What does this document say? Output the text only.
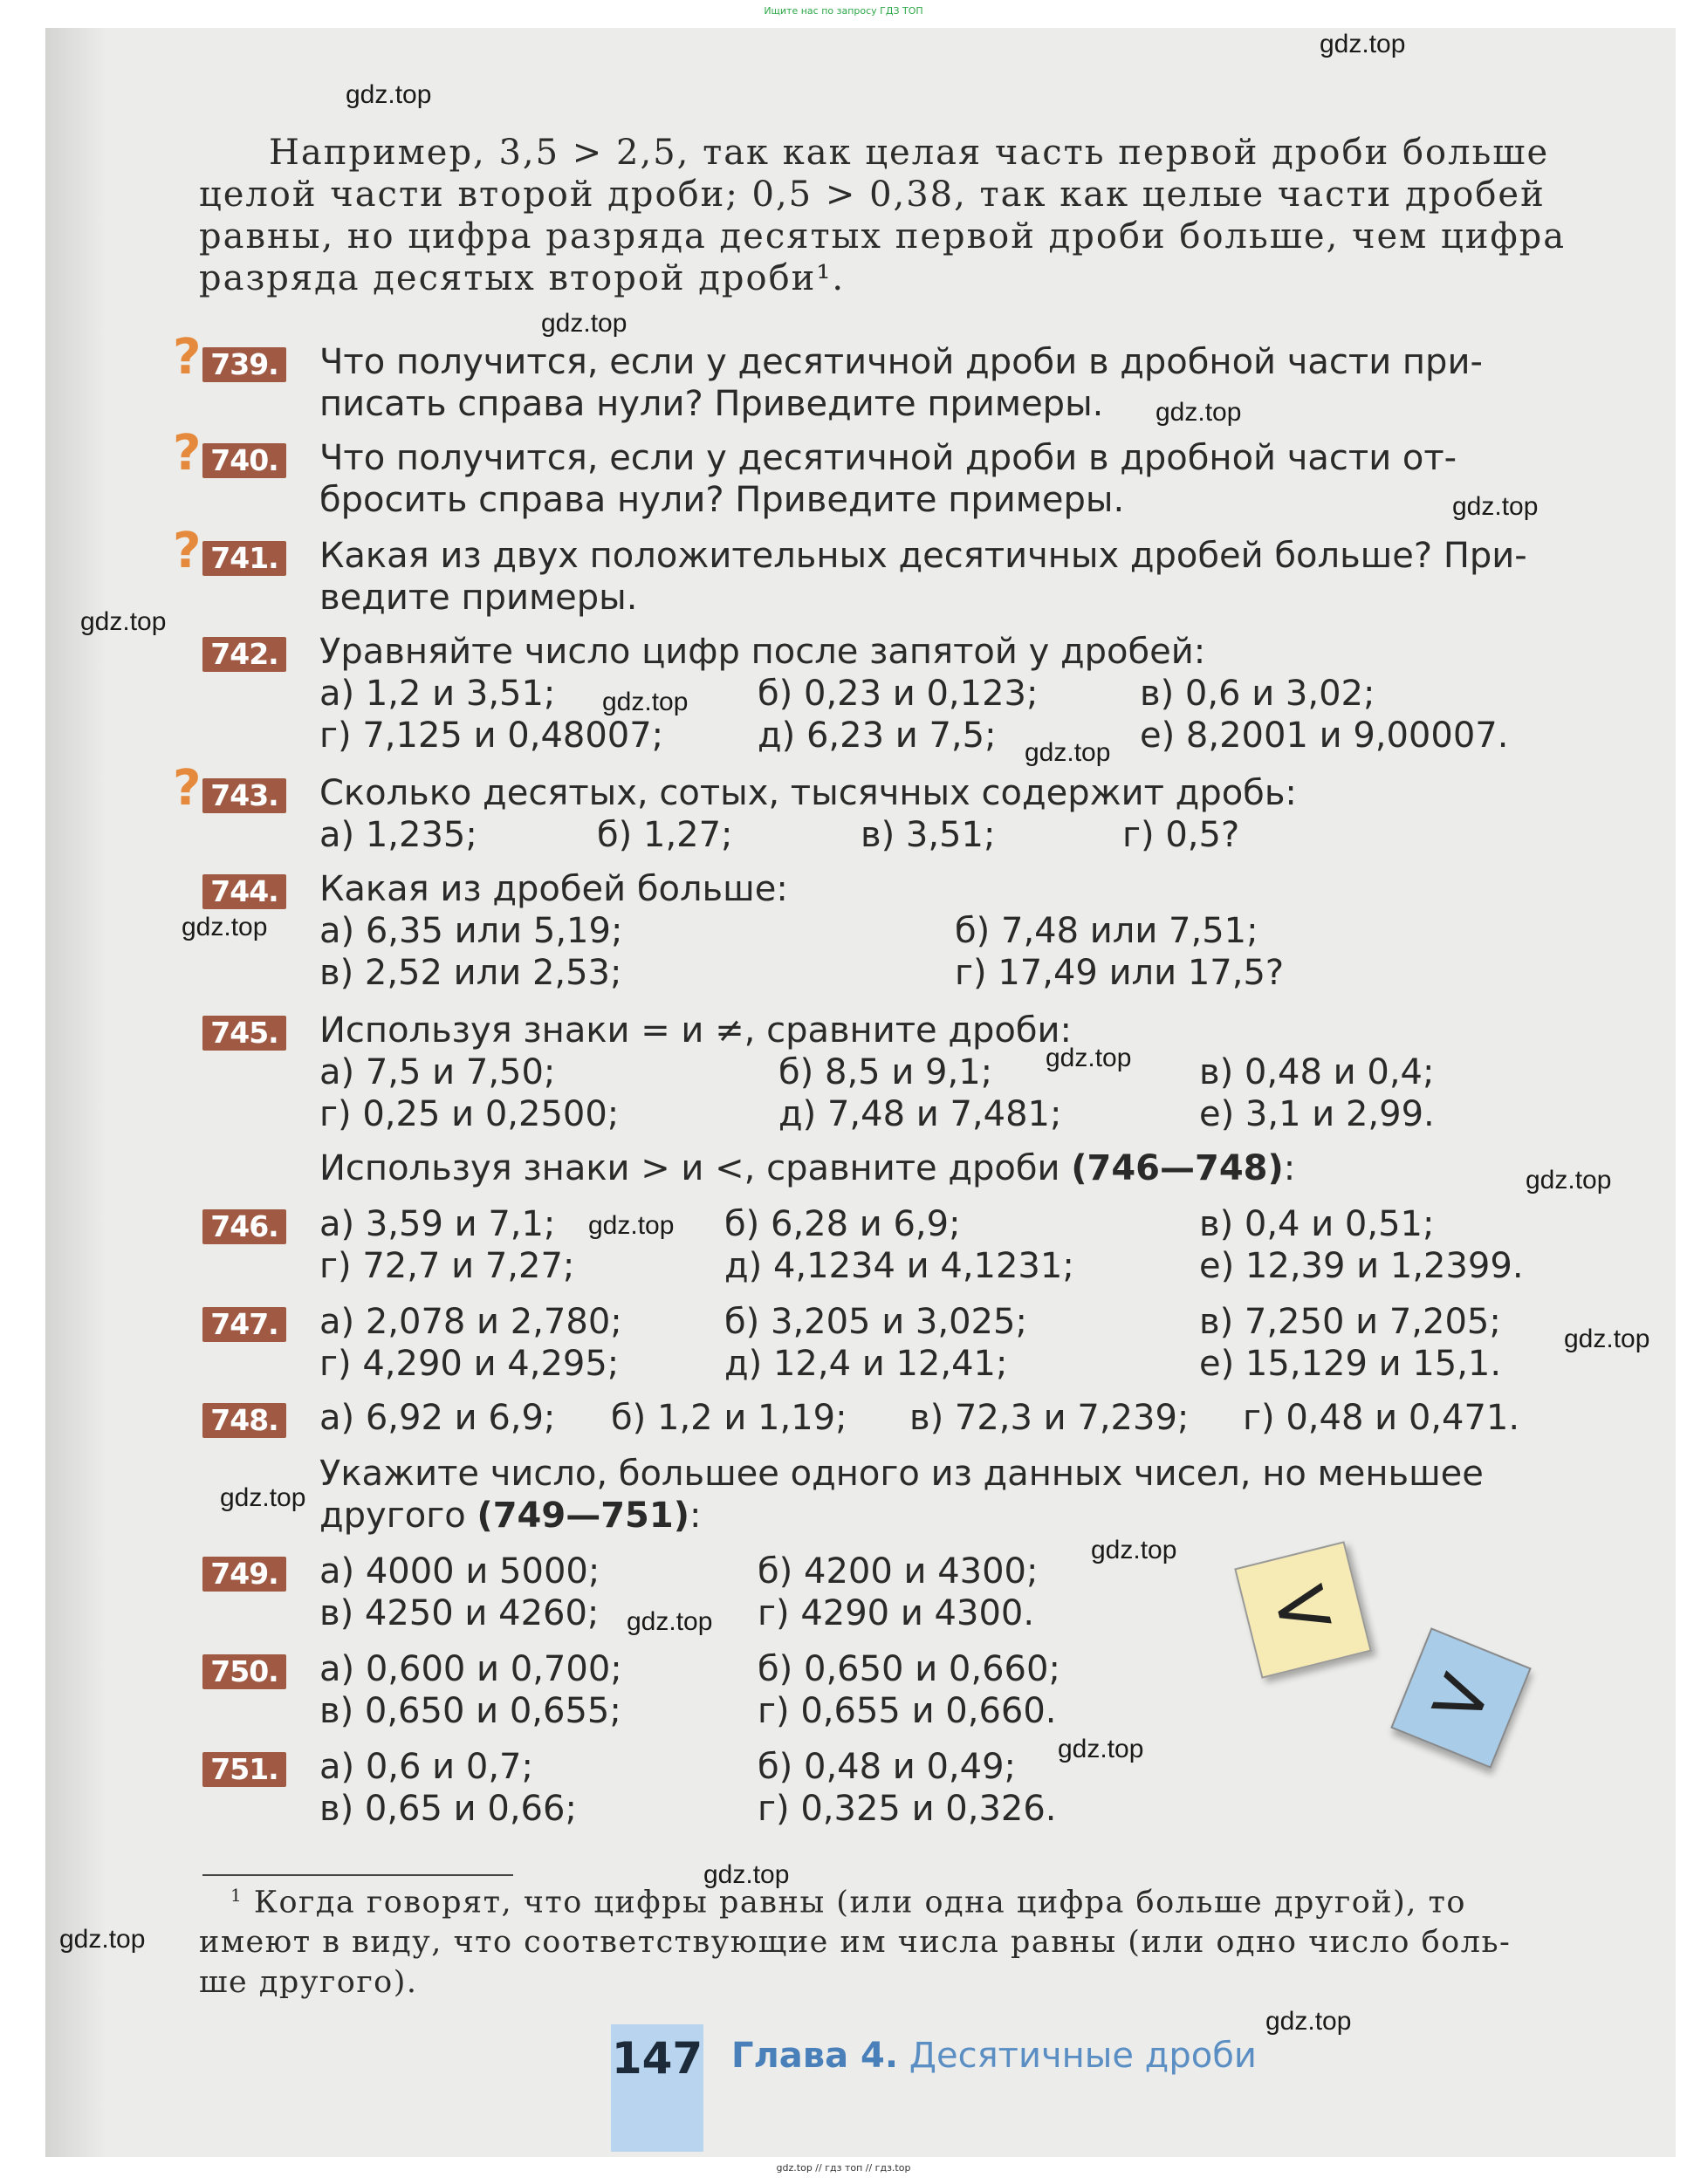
Ищите нас по запросу ГДЗ ТОП
gdz.top
gdz.top
gdz.top
gdz.top
gdz.top
gdz.top
gdz.top
gdz.top
gdz.top
gdz.top
gdz.top
gdz.top
gdz.top
gdz.top
gdz.top
gdz.top
gdz.top
gdz.top
gdz.top
gdz.top
Например, 3,5 > 2,5, так как целая часть первой дроби больше
целой части второй дроби; 0,5 > 0,38, так как целые части дробей
равны, но цифра разряда десятых первой дроби больше, чем цифра
разряда десятых второй дроби¹.
? 739. Что получится, если у десятичной дроби в дробной части при-
писать справа нули? Приведите примеры.
? 740. Что получится, если у десятичной дроби в дробной части от-
бросить справа нули? Приведите примеры.
? 741. Какая из двух положительных десятичных дробей больше? При-
ведите примеры.
742. Уравняйте число цифр после запятой у дробей:
а) 1,2 и 3,51;	б) 0,23 и 0,123;	в) 0,6 и 3,02;
г) 7,125 и 0,48007;	д) 6,23 и 7,5;	е) 8,2001 и 9,00007.
? 743. Сколько десятых, сотых, тысячных содержит дробь:
а) 1,235;	б) 1,27;	в) 3,51;	г) 0,5?
744. Какая из дробей больше:
а) 6,35 или 5,19;	б) 7,48 или 7,51;
в) 2,52 или 2,53;	г) 17,49 или 17,5?
745. Используя знаки = и ≠, сравните дроби:
а) 7,5 и 7,50;	б) 8,5 и 9,1;	в) 0,48 и 0,4;
г) 0,25 и 0,2500;	д) 7,48 и 7,481;	е) 3,1 и 2,99.
Используя знаки > и <, сравните дроби (746—748):
746. а) 3,59 и 7,1;	б) 6,28 и 6,9;	в) 0,4 и 0,51;
г) 72,7 и 7,27;	д) 4,1234 и 4,1231;	е) 12,39 и 1,2399.
747. а) 2,078 и 2,780;	б) 3,205 и 3,025;	в) 7,250 и 7,205;
г) 4,290 и 4,295;	д) 12,4 и 12,41;	е) 15,129 и 15,1.
748. а) 6,92 и 6,9; б) 1,2 и 1,19; в) 72,3 и 7,239; г) 0,48 и 0,471.
Укажите число, большее одного из данных чисел, но меньшее
другого (749—751):
749. а) 4000 и 5000;	б) 4200 и 4300;
в) 4250 и 4260;	г) 4290 и 4300.
750. а) 0,600 и 0,700;	б) 0,650 и 0,660;
в) 0,650 и 0,655;	г) 0,655 и 0,660.
751. а) 0,6 и 0,7;	б) 0,48 и 0,49;
в) 0,65 и 0,66;	г) 0,325 и 0,326.
<
>
$^1$ Когда говорят, что цифры равны (или одна цифра больше другой), то
имеют в виду, что соответствующие им числа равны (или одно число боль-
ше другого).
147 Глава 4. Десятичные дроби
gdz.top // гдз топ // гдз.top
